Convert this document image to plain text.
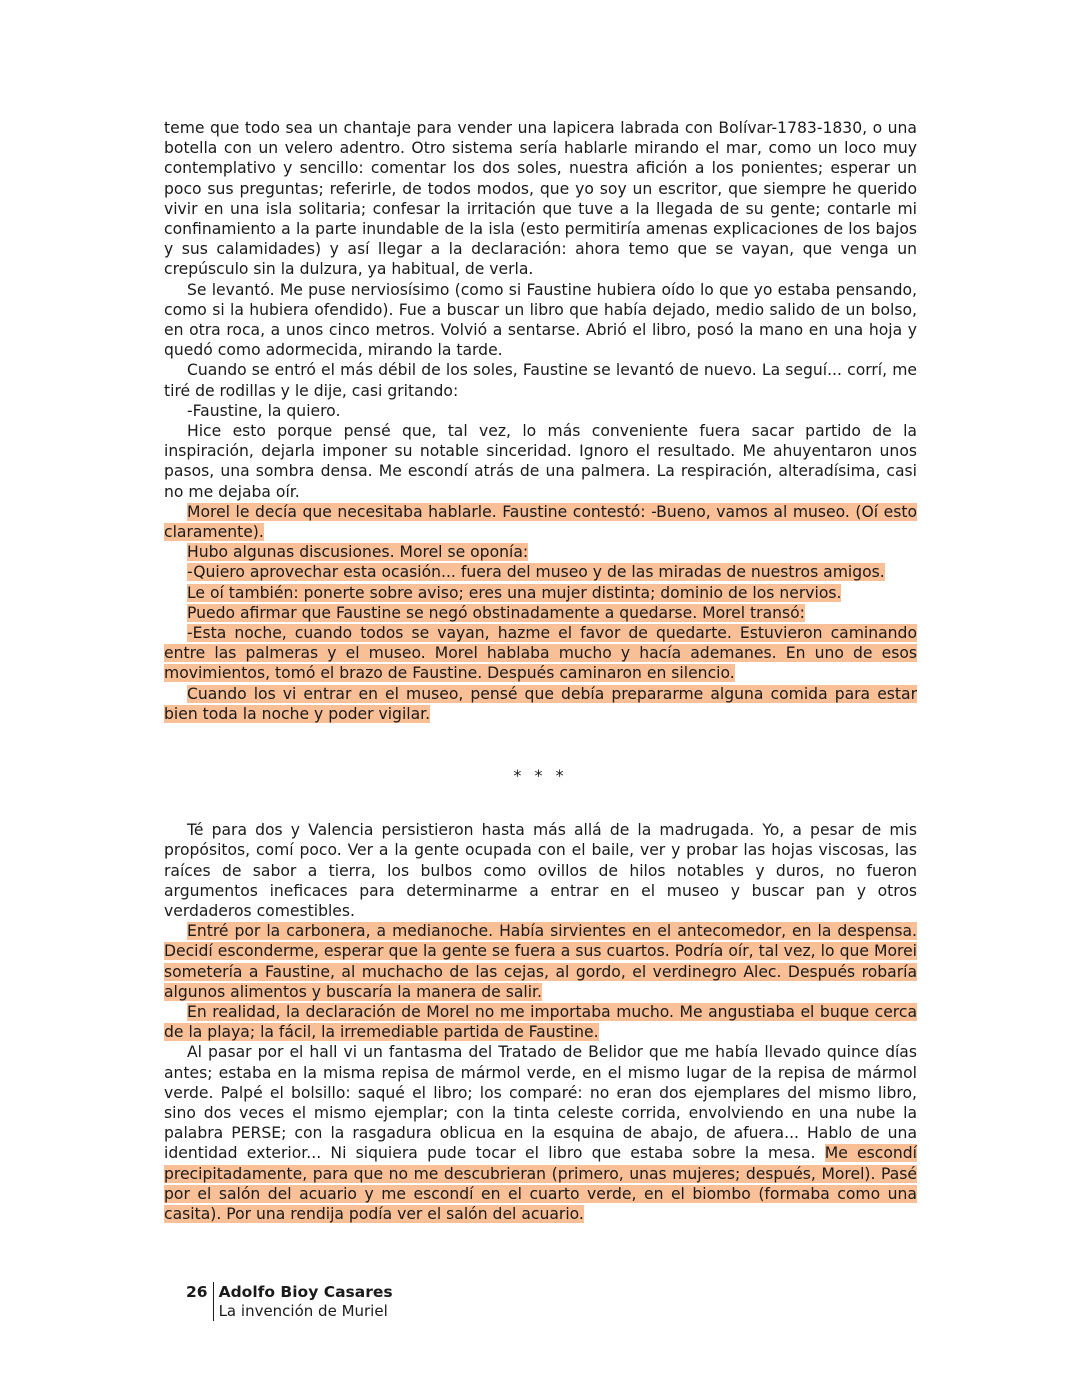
teme que todo sea un chantaje para vender una lapicera labrada con Bolívar-1783-1830, o una botella con un velero adentro. Otro sistema sería hablarle mirando el mar, como un loco muy contemplativo y sencillo: comentar los dos soles, nuestra afición a los ponientes; esperar un poco sus preguntas; referirle, de todos modos, que yo soy un escritor, que siempre he querido vivir en una isla solitaria; confesar la irritación que tuve a la llegada de su gente; contarle mi confinamiento a la parte inundable de la isla (esto permitiría amenas explicaciones de los bajos y sus calamidades) y así llegar a la declaración: ahora temo que se vayan, que venga un crepúsculo sin la dulzura, ya habitual, de verla.

Se levantó. Me puse nerviosísimo (como si Faustine hubiera oído lo que yo estaba pensando, como si la hubiera ofendido). Fue a buscar un libro que había dejado, medio salido de un bolso, en otra roca, a unos cinco metros. Volvió a sentarse. Abrió el libro, posó la mano en una hoja y quedó como adormecida, mirando la tarde.

Cuando se entró el más débil de los soles, Faustine se levantó de nuevo. La seguí... corrí, me tiré de rodillas y le dije, casi gritando:

-Faustine, la quiero.

Hice esto porque pensé que, tal vez, lo más conveniente fuera sacar partido de la inspiración, dejarla imponer su notable sinceridad. Ignoro el resultado. Me ahuyentaron unos pasos, una sombra densa. Me escondí atrás de una palmera. La respiración, alteradísima, casi no me dejaba oír.

Morel le decía que necesitaba hablarle. Faustine contestó: -Bueno, vamos al museo. (Oí esto claramente).

Hubo algunas discusiones. Morel se oponía:

-Quiero aprovechar esta ocasión... fuera del museo y de las miradas de nuestros amigos.

Le oí también: ponerte sobre aviso; eres una mujer distinta; dominio de los nervios.

Puedo afirmar que Faustine se negó obstinadamente a quedarse. Morel transó:

-Esta noche, cuando todos se vayan, hazme el favor de quedarte. Estuvieron caminando entre las palmeras y el museo. Morel hablaba mucho y hacía ademanes. En uno de esos movimientos, tomó el brazo de Faustine. Después caminaron en silencio.

Cuando los vi entrar en el museo, pensé que debía prepararme alguna comida para estar bien toda la noche y poder vigilar.

* * *

Té para dos y Valencia persistieron hasta más allá de la madrugada. Yo, a pesar de mis propósitos, comí poco. Ver a la gente ocupada con el baile, ver y probar las hojas viscosas, las raíces de sabor a tierra, los bulbos como ovillos de hilos notables y duros, no fueron argumentos ineficaces para determinarme a entrar en el museo y buscar pan y otros verdaderos comestibles.

Entré por la carbonera, a medianoche. Había sirvientes en el antecomedor, en la despensa. Decidí esconderme, esperar que la gente se fuera a sus cuartos. Podría oír, tal vez, lo que Morei sometería a Faustine, al muchacho de las cejas, al gordo, el verdinegro Alec. Después robaría algunos alimentos y buscaría la manera de salir.

En realidad, la declaración de Morel no me importaba mucho. Me angustiaba el buque cerca de la playa; la fácil, la irremediable partida de Faustine.

Al pasar por el hall vi un fantasma del Tratado de Belidor que me había llevado quince días antes; estaba en la misma repisa de mármol verde, en el mismo lugar de la repisa de mármol verde. Palpé el bolsillo: saqué el libro; los comparé: no eran dos ejemplares del mismo libro, sino dos veces el mismo ejemplar; con la tinta celeste corrida, envolviendo en una nube la palabra PERSE; con la rasgadura oblicua en la esquina de abajo, de afuera... Hablo de una identidad exterior... Ni siquiera pude tocar el libro que estaba sobre la mesa. Me escondí precipitadamente, para que no me descubrieran (primero, unas mujeres; después, Morel). Pasé por el salón del acuario y me escondí en el cuarto verde, en el biombo (formaba como una casita). Por una rendija podía ver el salón del acuario.

26 Adolfo Bioy Casares
La invención de Muriel
